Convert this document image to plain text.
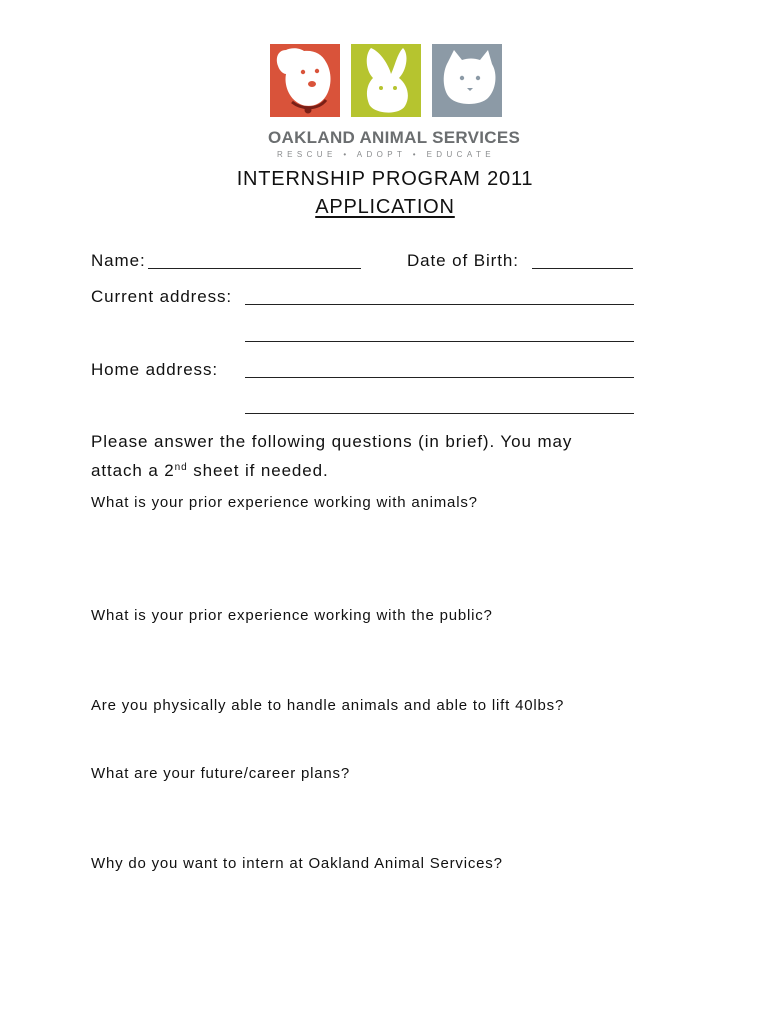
OAKLAND ANIMAL SERVICES
RESCUE • ADOPT • EDUCATE
INTERNSHIP PROGRAM 2011
APPLICATION
Name:	Date of Birth:
Current address:
Home address:
Please answer the following questions (in brief). You may
attach a 2nd sheet if needed.
What is your prior experience working with animals?
What is your prior experience working with the public?
Are you physically able to handle animals and able to lift 40lbs?
What are your future/career plans?
Why do you want to intern at Oakland Animal Services?
